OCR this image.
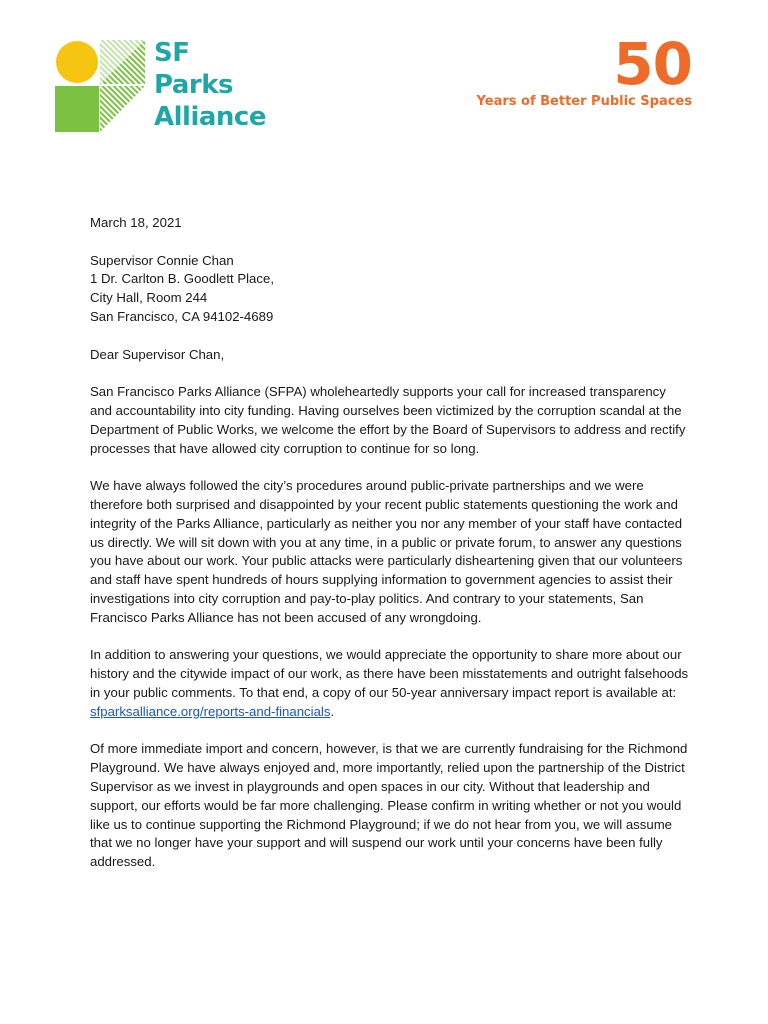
SF
Parks
Alliance
50
Years of Better Public Spaces

March 18, 2021

Supervisor Connie Chan
1 Dr. Carlton B. Goodlett Place,
City Hall, Room 244
San Francisco, CA 94102-4689

Dear Supervisor Chan,

San Francisco Parks Alliance (SFPA) wholeheartedly supports your call for increased transparency and accountability into city funding. Having ourselves been victimized by the corruption scandal at the Department of Public Works, we welcome the effort by the Board of Supervisors to address and rectify processes that have allowed city corruption to continue for so long.

We have always followed the city’s procedures around public-private partnerships and we were therefore both surprised and disappointed by your recent public statements questioning the work and integrity of the Parks Alliance, particularly as neither you nor any member of your staff have contacted us directly. We will sit down with you at any time, in a public or private forum, to answer any questions you have about our work. Your public attacks were particularly disheartening given that our volunteers and staff have spent hundreds of hours supplying information to government agencies to assist their investigations into city corruption and pay-to-play politics. And contrary to your statements, San Francisco Parks Alliance has not been accused of any wrongdoing.

In addition to answering your questions, we would appreciate the opportunity to share more about our history and the citywide impact of our work, as there have been misstatements and outright falsehoods in your public comments. To that end, a copy of our 50-year anniversary impact report is available at: sfparksalliance.org/reports-and-financials.

Of more immediate import and concern, however, is that we are currently fundraising for the Richmond Playground. We have always enjoyed and, more importantly, relied upon the partnership of the District Supervisor as we invest in playgrounds and open spaces in our city. Without that leadership and support, our efforts would be far more challenging. Please confirm in writing whether or not you would like us to continue supporting the Richmond Playground; if we do not hear from you, we will assume that we no longer have your support and will suspend our work until your concerns have been fully addressed.
